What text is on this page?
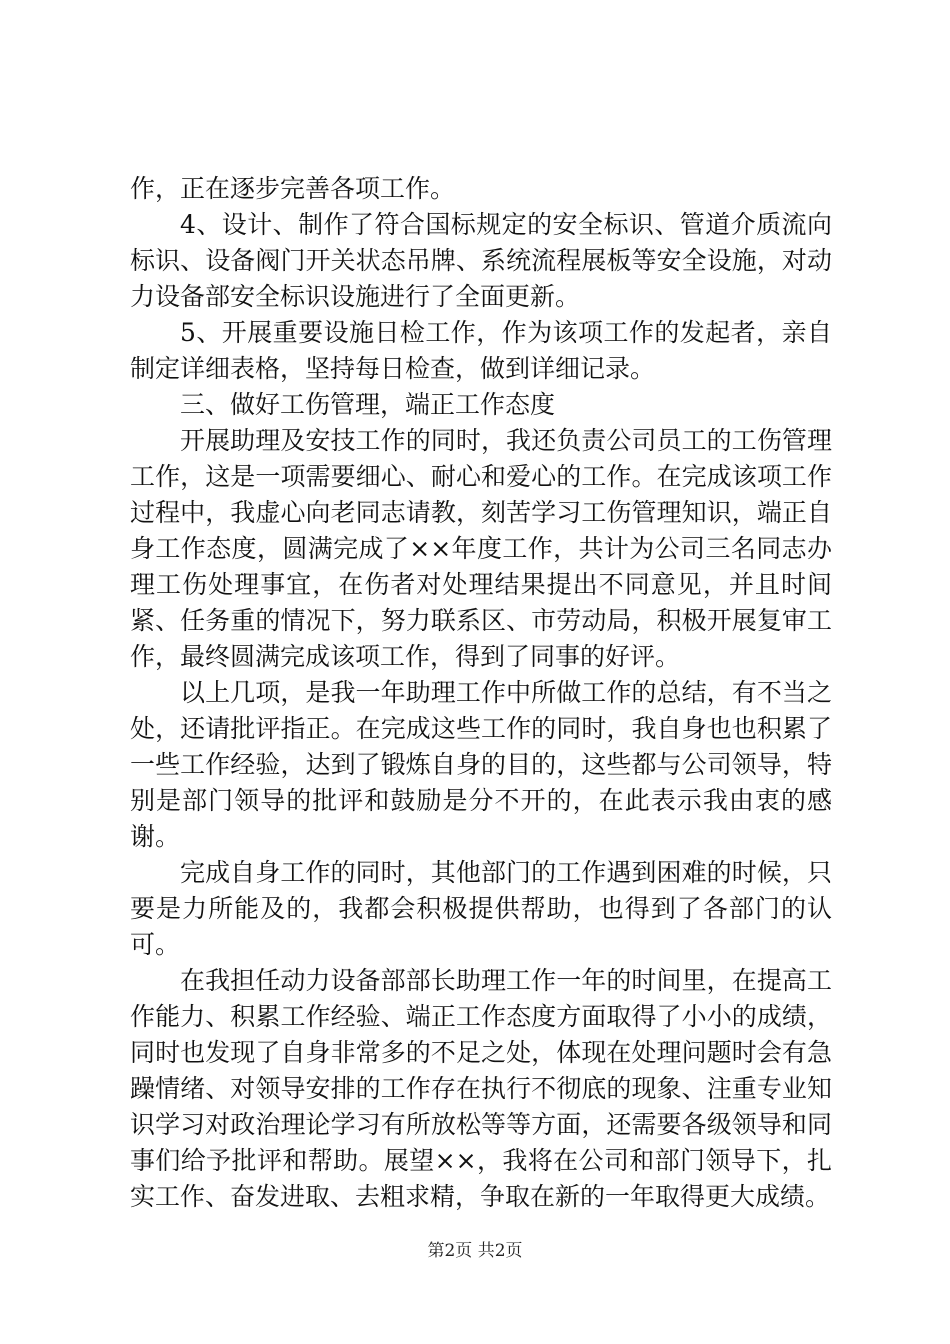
作，正在逐步完善各项工作。

4、设计、制作了符合国标规定的安全标识、管道介质流向标识、设备阀门开关状态吊牌、系统流程展板等安全设施，对动力设备部安全标识设施进行了全面更新。

5、开展重要设施日检工作，作为该项工作的发起者，亲自制定详细表格，坚持每日检查，做到详细记录。

三、做好工伤管理，端正工作态度

开展助理及安技工作的同时，我还负责公司员工的工伤管理工作，这是一项需要细心、耐心和爱心的工作。在完成该项工作过程中，我虚心向老同志请教，刻苦学习工伤管理知识，端正自身工作态度，圆满完成了××年度工作，共计为公司三名同志办理工伤处理事宜，在伤者对处理结果提出不同意见，并且时间紧、任务重的情况下，努力联系区、市劳动局，积极开展复审工作，最终圆满完成该项工作，得到了同事的好评。

以上几项，是我一年助理工作中所做工作的总结，有不当之处，还请批评指正。在完成这些工作的同时，我自身也也积累了一些工作经验，达到了锻炼自身的目的，这些都与公司领导，特别是部门领导的批评和鼓励是分不开的，在此表示我由衷的感谢。

完成自身工作的同时，其他部门的工作遇到困难的时候，只要是力所能及的，我都会积极提供帮助，也得到了各部门的认可。

在我担任动力设备部部长助理工作一年的时间里，在提高工作能力、积累工作经验、端正工作态度方面取得了小小的成绩，同时也发现了自身非常多的不足之处，体现在处理问题时会有急躁情绪、对领导安排的工作存在执行不彻底的现象、注重专业知识学习对政治理论学习有所放松等等方面，还需要各级领导和同事们给予批评和帮助。展望××，我将在公司和部门领导下，扎实工作、奋发进取、去粗求精，争取在新的一年取得更大成绩。

第2页 共2页
